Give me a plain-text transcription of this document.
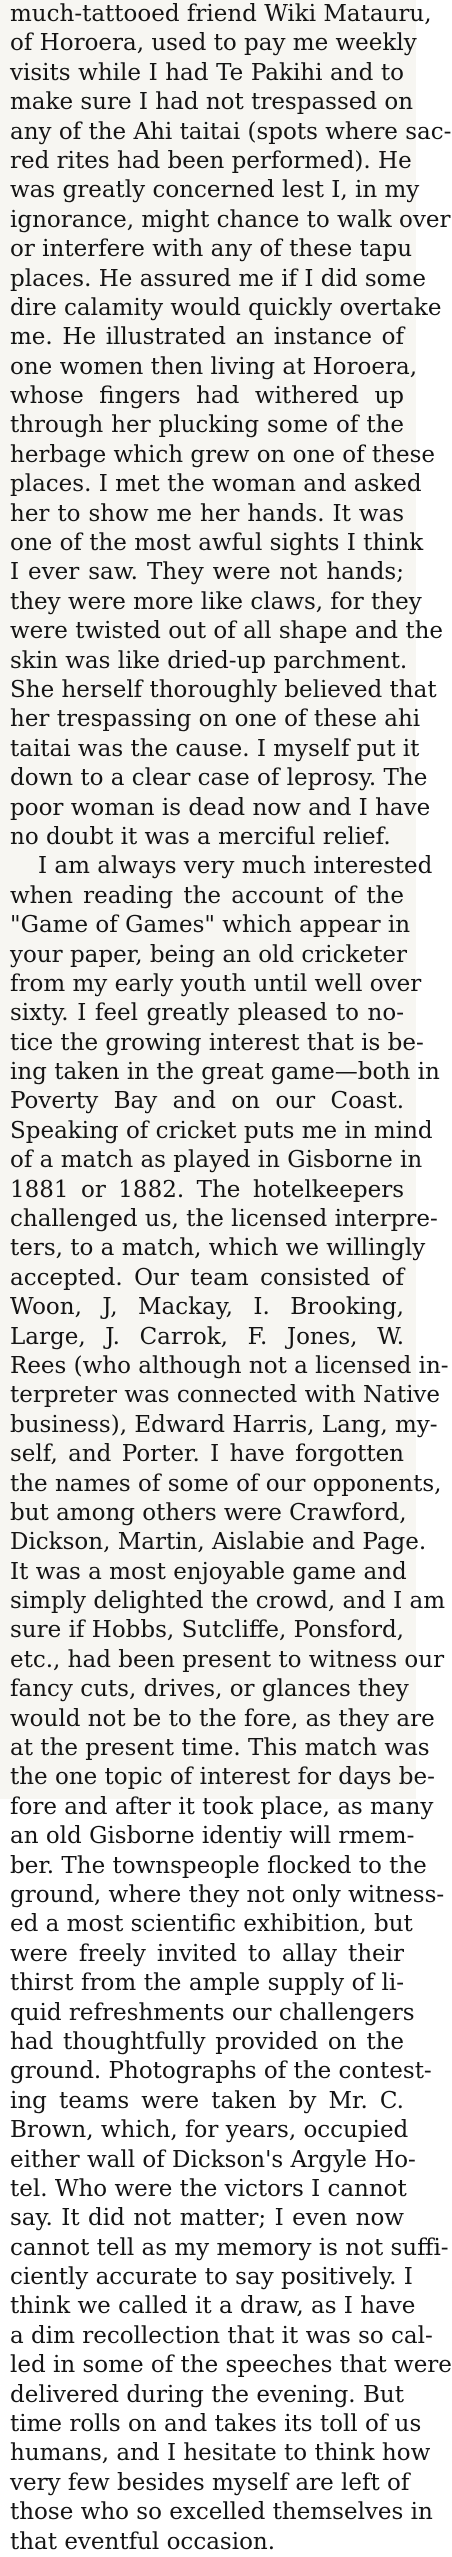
much-tattooed friend Wiki Matauru,
of Horoera, used to pay me weekly
visits while I had Te Pakihi and to
make sure I had not trespassed on
any of the Ahi taitai (spots where sac-
red rites had been performed). He
was greatly concerned lest I, in my
ignorance, might chance to walk over
or interfere with any of these tapu
places. He assured me if I did some
dire calamity would quickly overtake
me. He illustrated an instance of
one women then living at Horoera,
whose fingers had withered up
through her plucking some of the
herbage which grew on one of these
places. I met the woman and asked
her to show me her hands. It was
one of the most awful sights I think
I ever saw. They were not hands;
they were more like claws, for they
were twisted out of all shape and the
skin was like dried-up parchment.
She herself thoroughly believed that
her trespassing on one of these ahi
taitai was the cause. I myself put it
down to a clear case of leprosy. The
poor woman is dead now and I have
no doubt it was a merciful relief.
I am always very much interested
when reading the account of the
"Game of Games" which appear in
your paper, being an old cricketer
from my early youth until well over
sixty. I feel greatly pleased to no-
tice the growing interest that is be-
ing taken in the great game—both in
Poverty Bay and on our Coast.
Speaking of cricket puts me in mind
of a match as played in Gisborne in
1881 or 1882. The hotelkeepers
challenged us, the licensed interpre-
ters, to a match, which we willingly
accepted. Our team consisted of
Woon, J, Mackay, I. Brooking,
Large, J. Carrok, F. Jones, W.
Rees (who although not a licensed in-
terpreter was connected with Native
business), Edward Harris, Lang, my-
self, and Porter. I have forgotten
the names of some of our opponents,
but among others were Crawford,
Dickson, Martin, Aislabie and Page.
It was a most enjoyable game and
simply delighted the crowd, and I am
sure if Hobbs, Sutcliffe, Ponsford,
etc., had been present to witness our
fancy cuts, drives, or glances they
would not be to the fore, as they are
at the present time. This match was
the one topic of interest for days be-
fore and after it took place, as many
an old Gisborne identiy will rmem-
ber. The townspeople flocked to the
ground, where they not only witness-
ed a most scientific exhibition, but
were freely invited to allay their
thirst from the ample supply of li-
quid refreshments our challengers
had thoughtfully provided on the
ground. Photographs of the contest-
ing teams were taken by Mr. C.
Brown, which, for years, occupied
either wall of Dickson's Argyle Ho-
tel. Who were the victors I cannot
say. It did not matter; I even now
cannot tell as my memory is not suffi-
ciently accurate to say positively. I
think we called it a draw, as I have
a dim recollection that it was so cal-
led in some of the speeches that were
delivered during the evening. But
time rolls on and takes its toll of us
humans, and I hesitate to think how
very few besides myself are left of
those who so excelled themselves in
that eventful occasion.
